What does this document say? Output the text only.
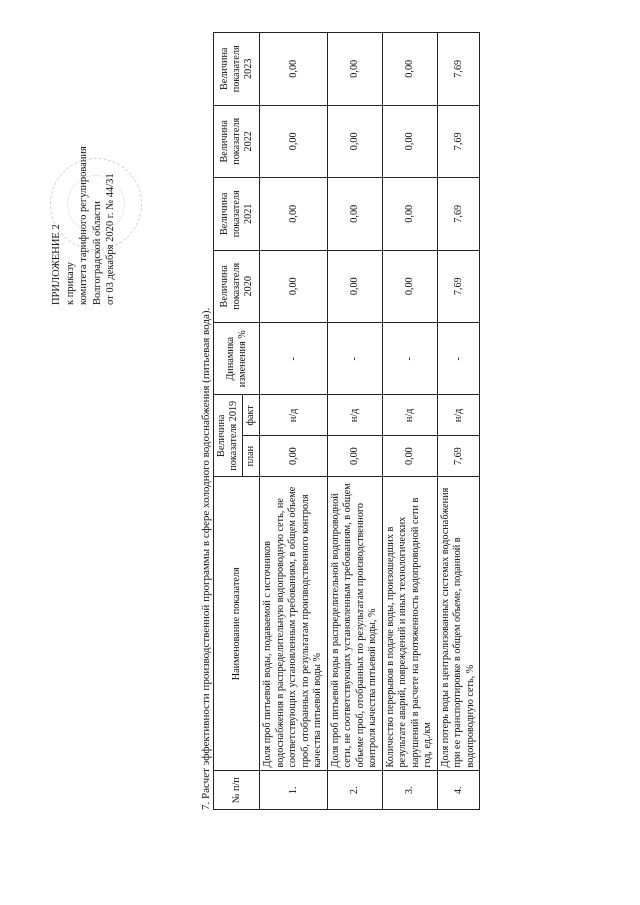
ПРИЛОЖЕНИЕ 2 к приказу комитета тарифного регулирования Волгоградской области от 03 декабря 2020 г. № 44/31
7. Расчет эффективности производственной программы в сфере холодного водоснабжения (питьевая вода). № п/п	Наименование показателя	Величина показателя 2019		Динамика изменения %	Величина показателя 2020	Величина показателя 2021	Величина показателя 2022	Величина показателя 2023
		план	факт					
1.	Доля проб питьевой воды, подаваемой с источников водоснабжения в распределительную водопроводную сеть, не соответствующих установленным требованиям, в общем объеме проб, отобранных по результатам производственного контроля качества питьевой воды %	0,00	н/д	-	0,00	0,00	0,00	0,00
2.	Доля проб питьевой воды в распределительной водопроводной сети, не соответствующих установленным требованиям, в общем объеме проб, отобранных по результатам производственного контроля качества питьевой воды, %	0,00	н/д	-	0,00	0,00	0,00	0,00
3.	Количество перерывов в подаче воды, произошедших в результате аварий, повреждений и иных технологических нарушений в расчете на протяженность водопроводной сети в год, ед./км	0,00	н/д	-	0,00	0,00	0,00	0,00
4.	Доля потерь воды в централизованных системах водоснабжения при ее транспортировке в общем объеме, поданной в водопроводную сеть, %	7,69	н/д	-	7,69	7,69	7,69	7,69
